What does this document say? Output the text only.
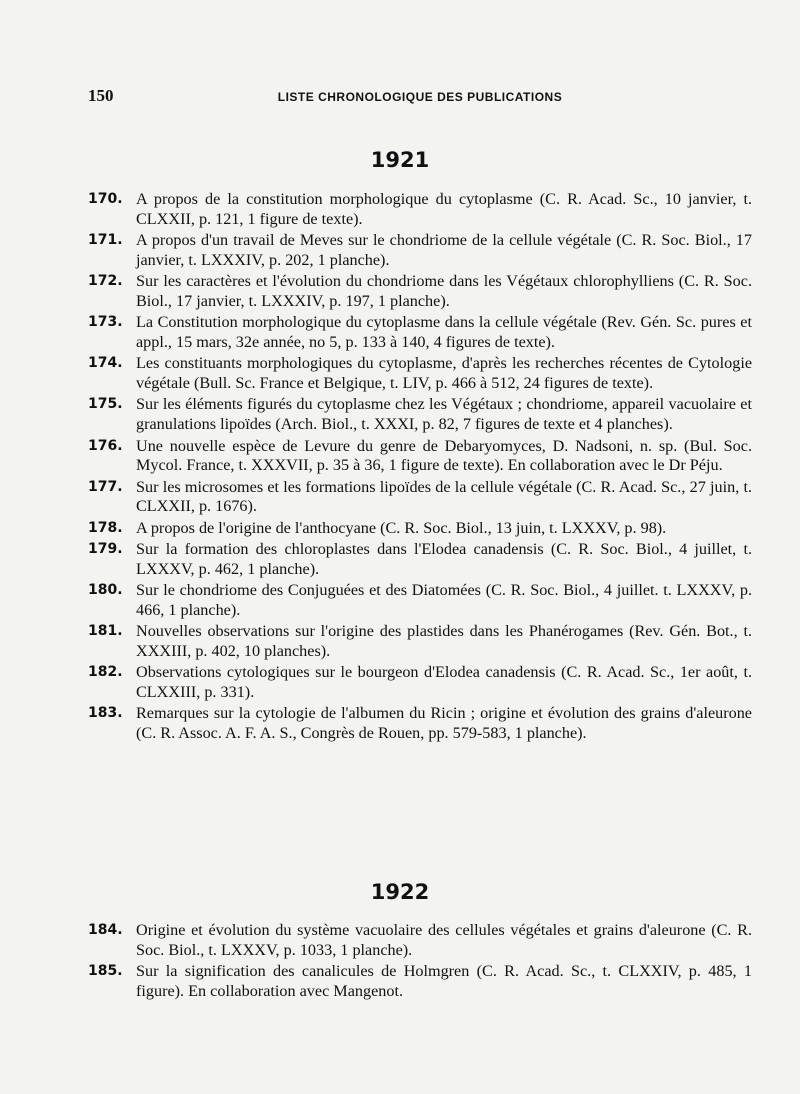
150	LISTE CHRONOLOGIQUE DES PUBLICATIONS
1921
170. A propos de la constitution morphologique du cytoplasme (C. R. Acad. Sc., 10 janvier, t. CLXXII, p. 121, 1 figure de texte).
171. A propos d'un travail de Meves sur le chondriome de la cellule végétale (C. R. Soc. Biol., 17 janvier, t. LXXXIV, p. 202, 1 planche).
172. Sur les caractères et l'évolution du chondriome dans les Végétaux chlorophylliens (C. R. Soc. Biol., 17 janvier, t. LXXXIV, p. 197, 1 planche).
173. La Constitution morphologique du cytoplasme dans la cellule végétale (Rev. Gén. Sc. pures et appl., 15 mars, 32e année, no 5, p. 133 à 140, 4 figures de texte).
174. Les constituants morphologiques du cytoplasme, d'après les recherches récentes de Cytologie végétale (Bull. Sc. France et Belgique, t. LIV, p. 466 à 512, 24 figures de texte).
175. Sur les éléments figurés du cytoplasme chez les Végétaux ; chondriome, appareil vacuolaire et granulations lipoïdes (Arch. Biol., t. XXXI, p. 82, 7 figures de texte et 4 planches).
176. Une nouvelle espèce de Levure du genre de Debaryomyces, D. Nadsoni, n. sp. (Bul. Soc. Mycol. France, t. XXXVII, p. 35 à 36, 1 figure de texte). En collaboration avec le Dr Péju.
177. Sur les microsomes et les formations lipoïdes de la cellule végétale (C. R. Acad. Sc., 27 juin, t. CLXXII, p. 1676).
178. A propos de l'origine de l'anthocyane (C. R. Soc. Biol., 13 juin, t. LXXXV, p. 98).
179. Sur la formation des chloroplastes dans l'Elodea canadensis (C. R. Soc. Biol., 4 juillet, t. LXXXV, p. 462, 1 planche).
180. Sur le chondriome des Conjuguées et des Diatomées (C. R. Soc. Biol., 4 juillet. t. LXXXV, p. 466, 1 planche).
181. Nouvelles observations sur l'origine des plastides dans les Phanérogames (Rev. Gén. Bot., t. XXXIII, p. 402, 10 planches).
182. Observations cytologiques sur le bourgeon d'Elodea canadensis (C. R. Acad. Sc., 1er août, t. CLXXIII, p. 331).
183. Remarques sur la cytologie de l'albumen du Ricin ; origine et évolution des grains d'aleurone (C. R. Assoc. A. F. A. S., Congrès de Rouen, pp. 579-583, 1 planche).
1922
184. Origine et évolution du système vacuolaire des cellules végétales et grains d'aleurone (C. R. Soc. Biol., t. LXXXV, p. 1033, 1 planche).
185. Sur la signification des canalicules de Holmgren (C. R. Acad. Sc., t. CLXXIV, p. 485, 1 figure). En collaboration avec Mangenot.
